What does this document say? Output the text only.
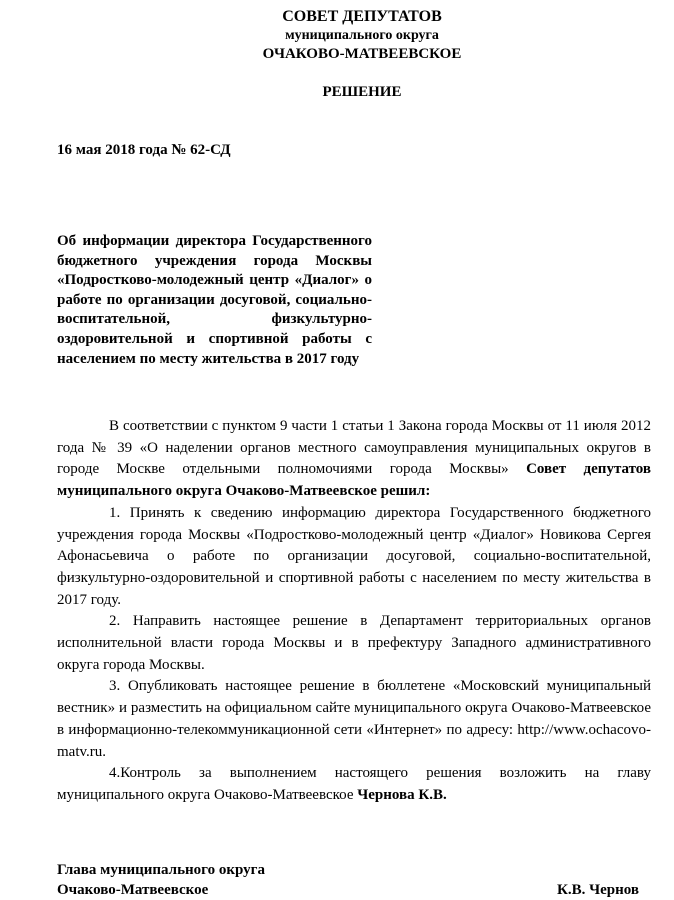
СОВЕТ ДЕПУТАТОВ

муниципального округа

ОЧАКОВО-МАТВЕЕВСКОЕ

РЕШЕНИЕ

16 мая 2018 года № 62-СД

Об информации директора Государственного бюджетного учреждения города Москвы «Подростково-молодежный центр «Диалог» о работе по организации досуговой, социально-воспитательной, физкультурно-оздоровительной и спортивной работы с населением по месту жительства в 2017 году

В соответствии с пунктом 9 части 1 статьи 1 Закона города Москвы от 11 июля 2012 года № 39 «О наделении органов местного самоуправления муниципальных округов в городе Москве отдельными полномочиями города Москвы» Совет депутатов муниципального округа Очаково-Матвеевское решил:

1. Принять к сведению информацию директора Государственного бюджетного учреждения города Москвы «Подростково-молодежный центр «Диалог» Новикова Сергея Афонасьевича о работе по организации досуговой, социально-воспитательной, физкультурно-оздоровительной и спортивной работы с населением по месту жительства в 2017 году.

2. Направить настоящее решение в Департамент территориальных органов исполнительной власти города Москвы и в префектуру Западного административного округа города Москвы.

3. Опубликовать настоящее решение в бюллетене «Московский муниципальный вестник» и разместить на официальном сайте муниципального округа Очаково-Матвеевское в информационно-телекоммуникационной сети «Интернет» по адресу: http://www.ochacovo-matv.ru.

4.Контроль за выполнением настоящего решения возложить на главу муниципального округа Очаково-Матвеевское Чернова К.В.

Глава муниципального округа
Очаково-Матвеевское	К.В. Чернов
